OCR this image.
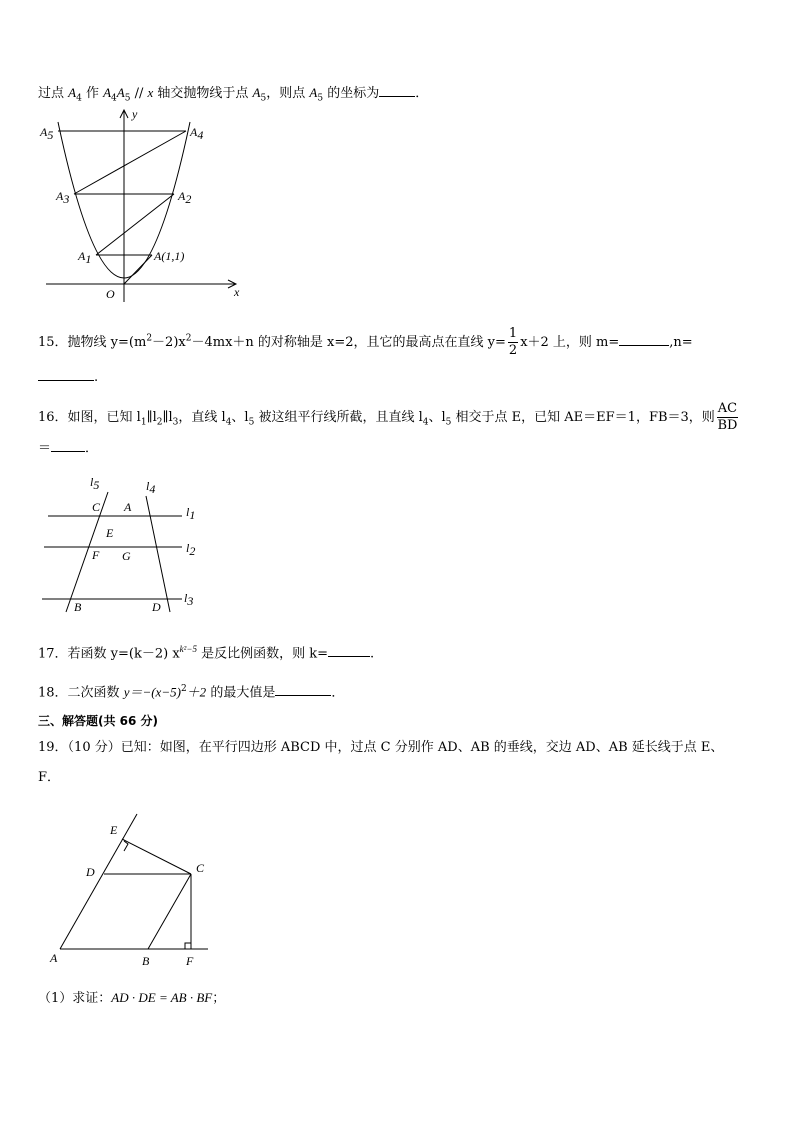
过点 $A_4$ 作 $A_4A_5$ // x 轴交抛物线于点 $A_5$，则点 $A_5$ 的坐标为	．
y
x
O
A5	A4
A3	A2
A1	A(1,1)
15．抛物线 $y=(m^2-2)x^2-4mx+n$ 的对称轴是 x=2，且它的最高点在直线 $y= \frac{1}{2} x+2$ 上，则 m=	,n=
.
16．如图，已知 $l_1\parallel l_2\parallel l_3$，直线 $l_4$、$l_5$ 被这组平行线所截，且直线 $l_4$、$l_5$ 相交于点 E，已知 AE＝EF＝1，FB＝3，则 $\frac{AC}{BD}$
＝	．
l5	l4
l1
l2
l3
C A
E
F G
B	D
17．若函数 y=(k－2) $x^{k^2-5}$ 是反比例函数，则 k=	.
18．二次函数 $y=-(x-5)^2+2$ 的最大值是	．
三、解答题(共 66 分)
19．（10 分）已知：如图，在平行四边形 ABCD 中，过点 C 分别作 AD、AB 的垂线，交边 AD、AB 延长线于点 E、
F．
E
D	C
A	B	F
（1）求证：AD · DE = AB · BF；
